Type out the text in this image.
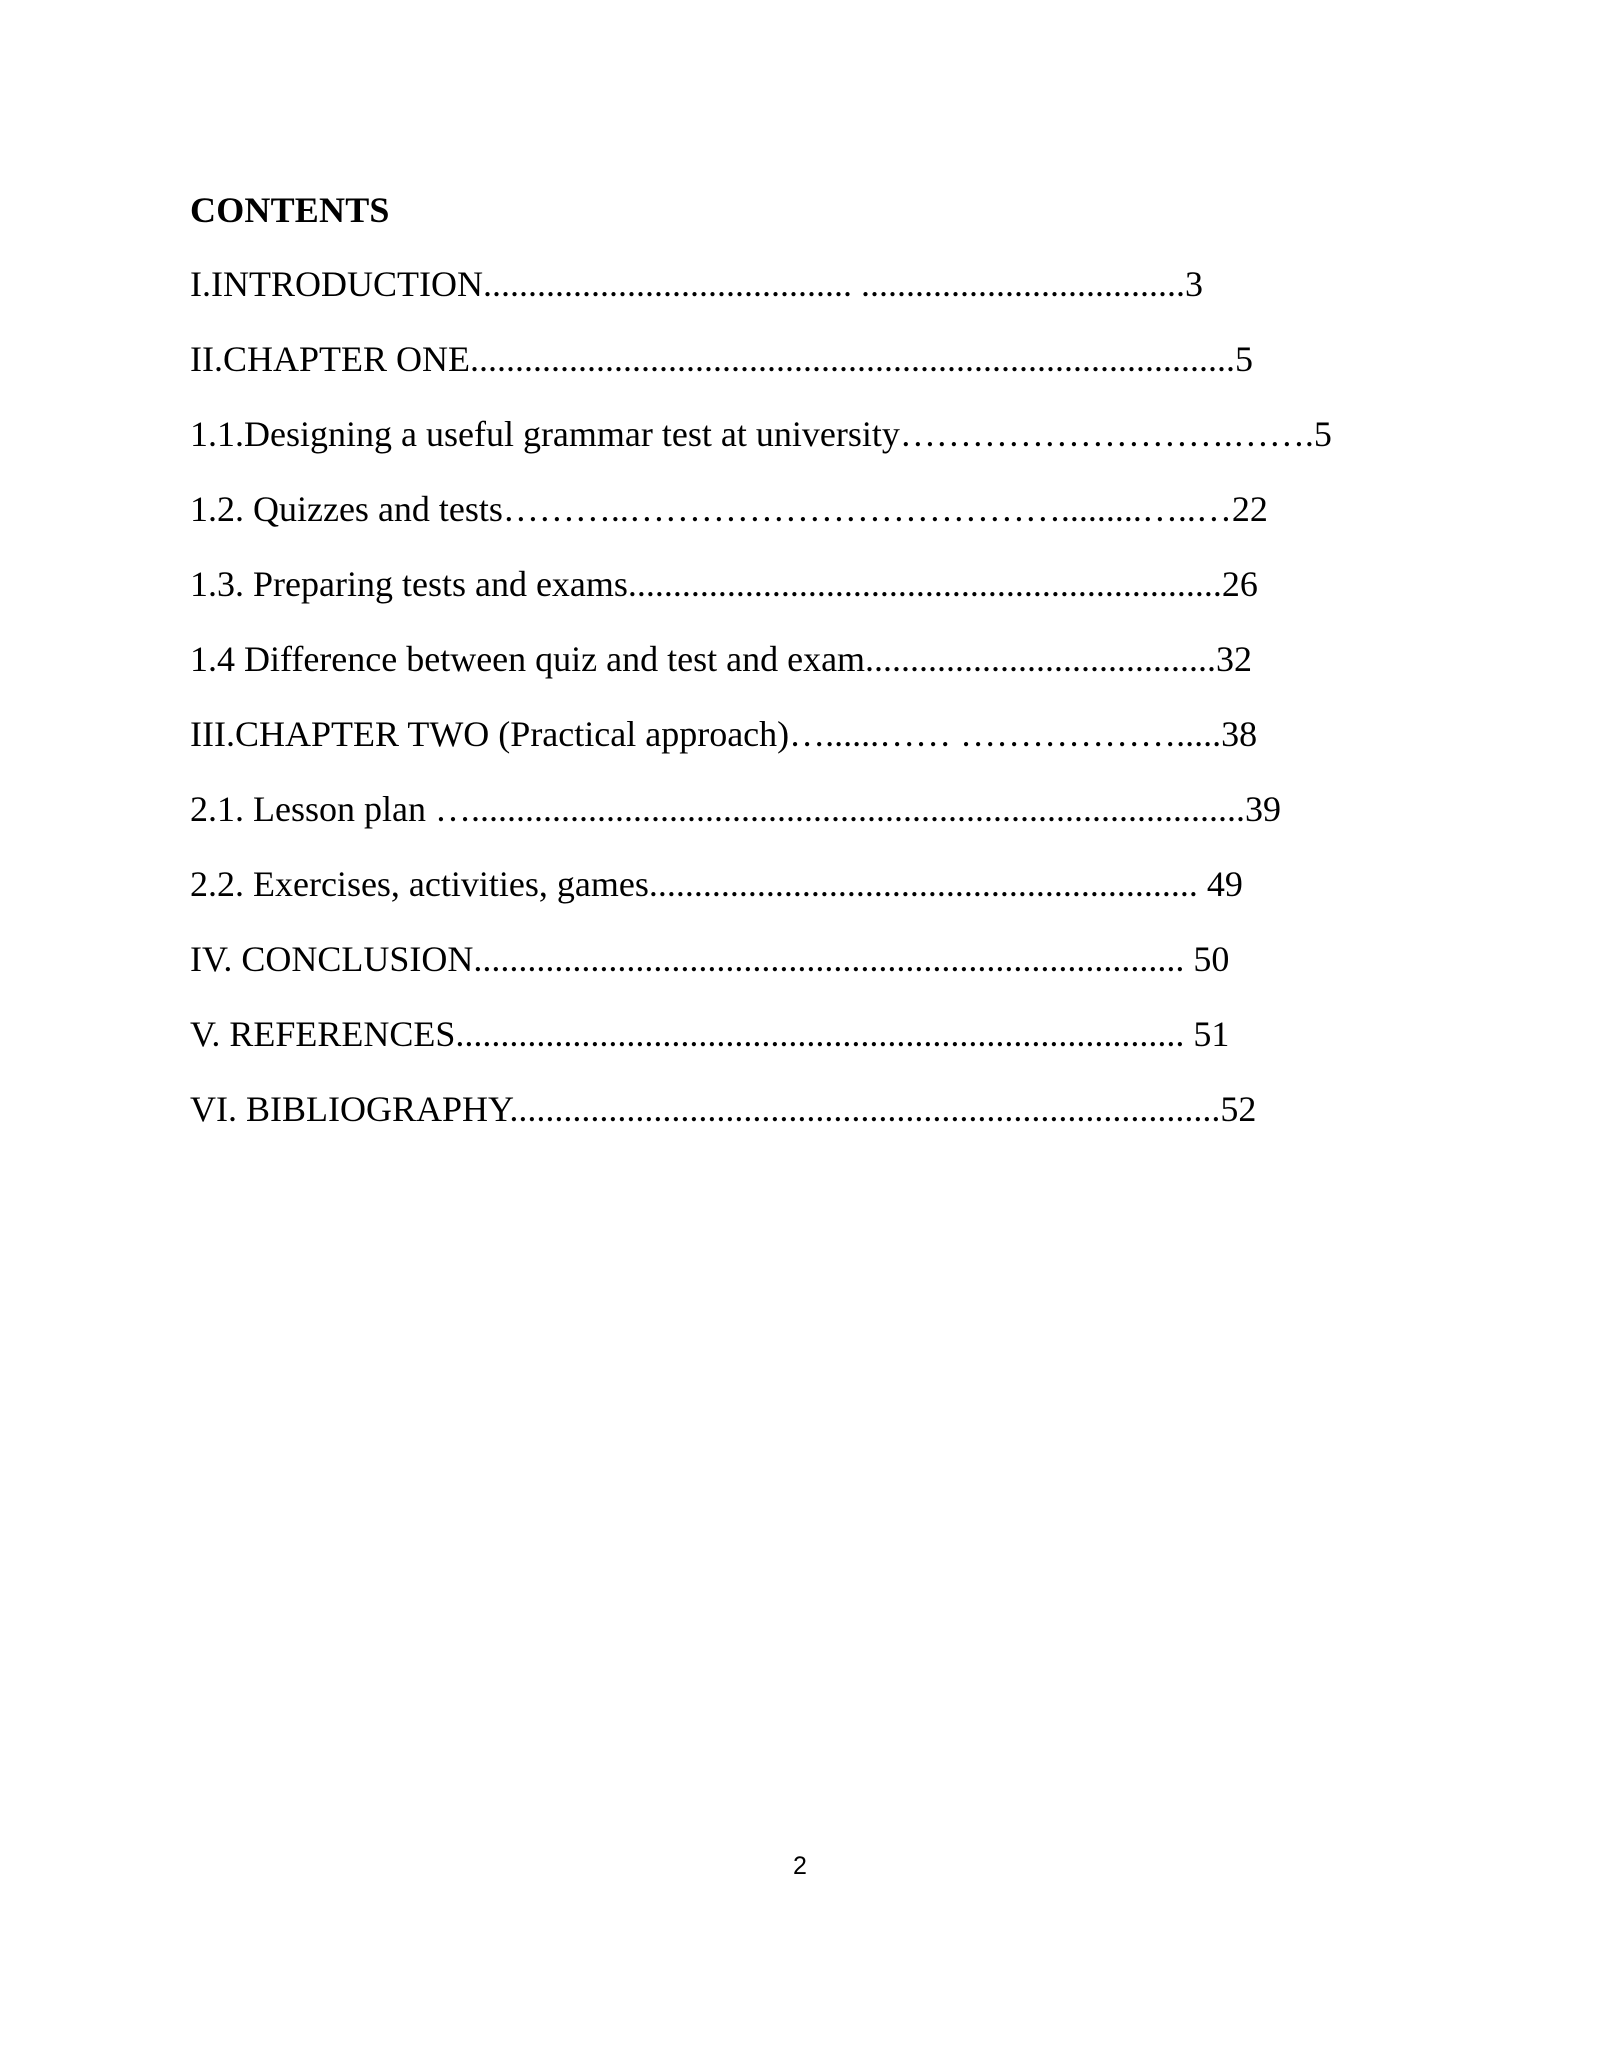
CONTENTS
I.INTRODUCTION......................................... ....................................3
II.CHAPTER ONE.....................................................................................5
1.1.Designing a useful grammar test at university……………………….…….5
1.2. Quizzes and tests………..……………………………….........…..…22
1.3. Preparing tests and exams..................................................................26
1.4 Difference between quiz and test and exam.......................................32
III.CHAPTER TWO (Practical approach)…......…… ……………….....38
2.1. Lesson plan …......................................................................................39
2.2. Exercises, activities, games............................................................. 49
IV. CONCLUSION............................................................................... 50
V. REFERENCES................................................................................. 51
VI. BIBLIOGRAPHY...............................................................................52
2
